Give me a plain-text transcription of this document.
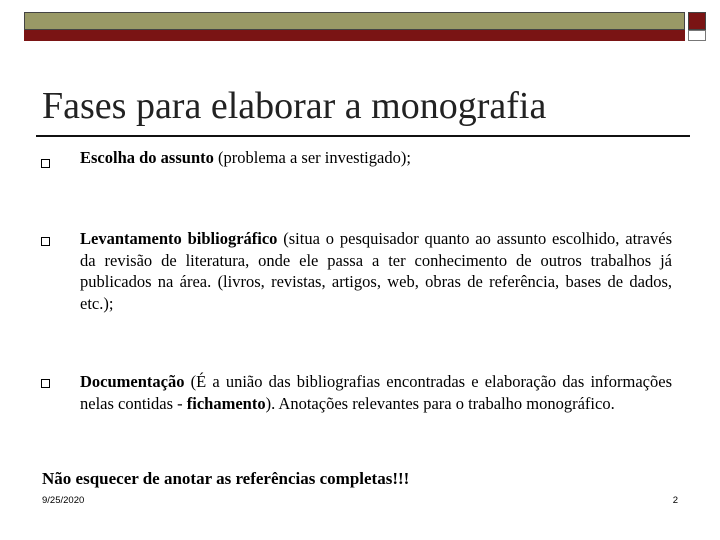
Fases para elaborar a monografia
Escolha do assunto (problema a ser investigado);
Levantamento bibliográfico (situa o pesquisador quanto ao assunto escolhido, através da revisão de literatura, onde ele passa a ter conhecimento de outros trabalhos já publicados na área. (livros, revistas, artigos, web, obras de referência, bases de dados, etc.);
Documentação (É a união das bibliografias encontradas e elaboração das informações nelas contidas - fichamento). Anotações relevantes para o trabalho monográfico.
Não esquecer de anotar as referências completas!!!
9/25/2020	2
